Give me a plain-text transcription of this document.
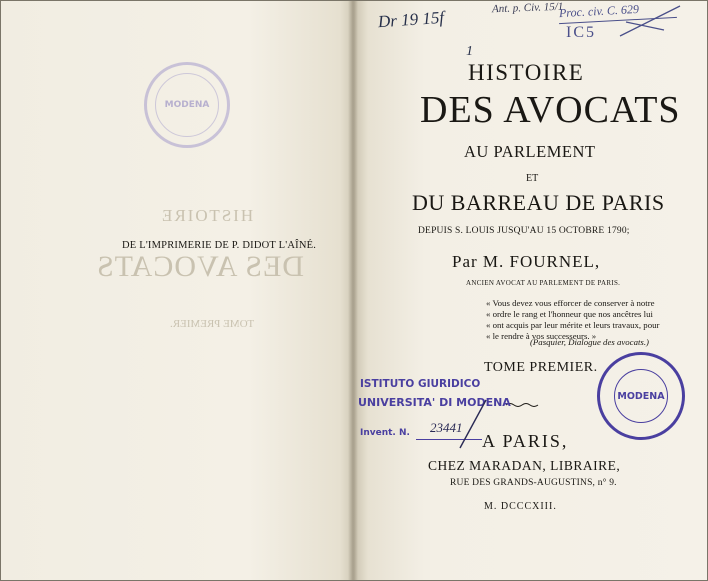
MODENA
HISTOIRE
DES AVOCATS
TOME PREMIER.
DE L'IMPRIMERIE DE P. DIDOT L'AÎNÉ.
Dr 19 15f
1
Ant. p. Civ. 15/1
Proc. civ. C. 629
IC5
HISTOIRE
DES AVOCATS
AU PARLEMENT
ET
DU BARREAU DE PARIS
DEPUIS S. LOUIS JUSQU'AU 15 OCTOBRE 1790;
Par M. FOURNEL,
ANCIEN AVOCAT AU PARLEMENT DE PARIS.
« Vous devez vous efforcer de conserver à notre
« ordre le rang et l'honneur que nos ancêtres lui
« ont acquis par leur mérite et leurs travaux, pour
« le rendre à vos successeurs. »
(Pasquier, Dialogue des avocats.)
TOME PREMIER.
ISTITUTO GIURIDICO
UNIVERSITA' DI MODENA
Invent. N. 23441
MODENA
A PARIS,
CHEZ MARADAN, LIBRAIRE,
RUE DES GRANDS-AUGUSTINS, n° 9.
M. DCCCXIII.
